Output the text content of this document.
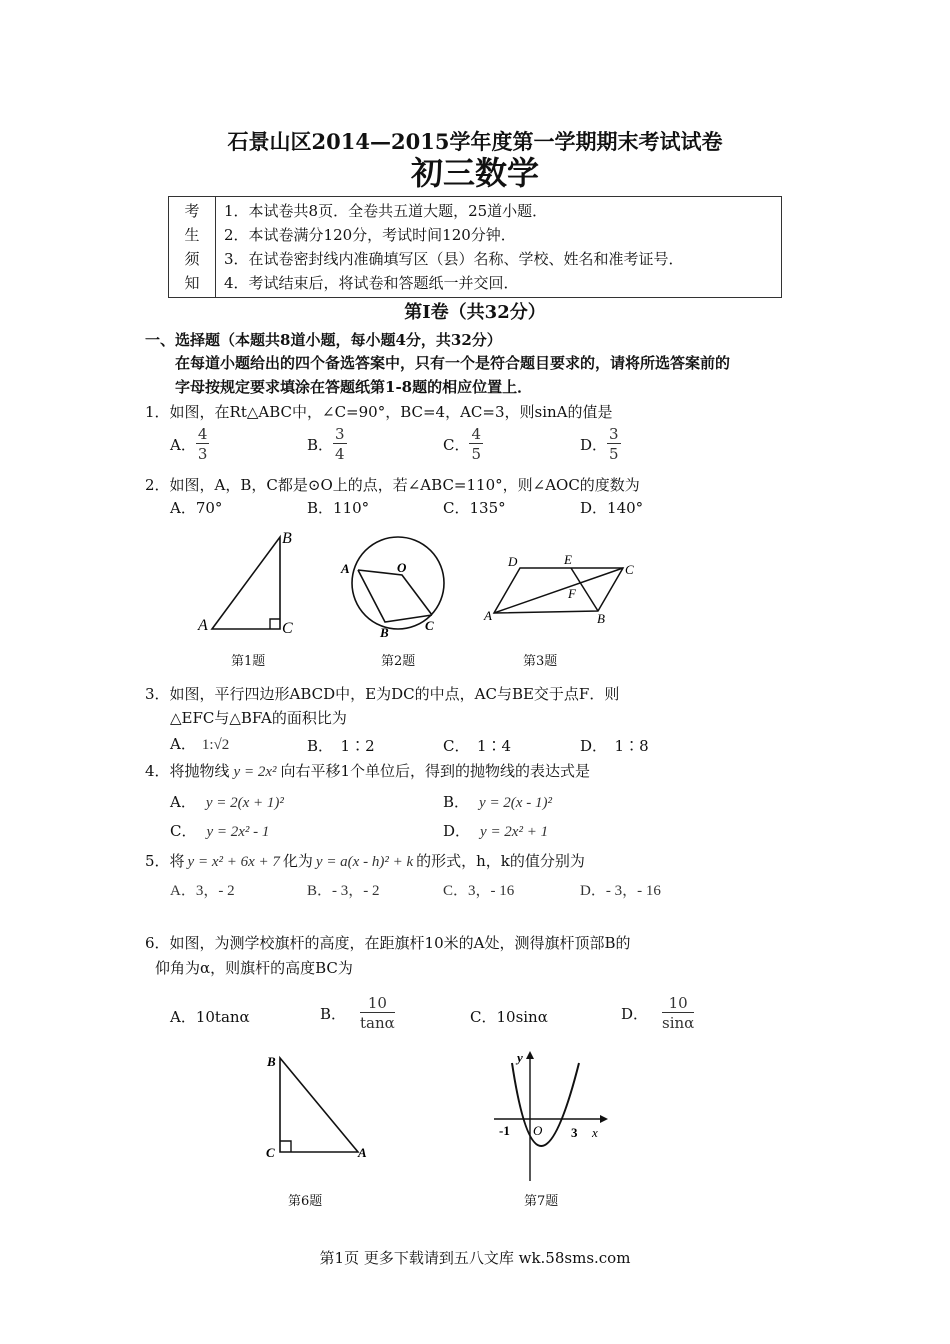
石景山区2014—2015学年度第一学期期末考试试卷
初三数学
考
生
须
知

1．本试卷共8页．全卷共五道大题，25道小题．
2．本试卷满分120分，考试时间120分钟．
3．在试卷密封线内准确填写区（县）名称、学校、姓名和准考证号．
4．考试结束后，将试卷和答题纸一并交回．
第Ⅰ卷（共32分）
一、选择题（本题共8道小题，每小题4分，共32分）
在每道小题给出的四个备选答案中，只有一个是符合题目要求的，请将所选答案前的
字母按规定要求填涂在答题纸第1-8题的相应位置上．
1．如图，在Rt△ABC中，∠C=90°，BC=4，AC=3，则sinA的值是
A． $\frac{4}{3}$	B． $\frac{3}{4}$	C． $\frac{4}{5}$	D． $\frac{3}{5}$
2．如图，A，B，C都是⊙O上的点，若∠ABC=110°，则∠AOC的度数为
A．70°	B．110°	C．135°	D．140°
A
B
C
第1题
A	O
B	C
第2题
D	E
C
F
A	B
第3题
3．如图，平行四边形ABCD中，E为DC的中点，AC与BE交于点F．则
△EFC与△BFA的面积比为
A． 1:√2	B．　1∶2	C．　1∶4	D．　1∶8
4．将抛物线 y = 2x² 向右平移1个单位后，得到的抛物线的表达式是
A． y = 2(x + 1)²	B． y = 2(x - 1)²
C． y = 2x² - 1	D． y = 2x² + 1
5．将 y = x² + 6x + 7 化为 y = a(x - h)² + k 的形式，h，k的值分别为
A．3，- 2	B．- 3，- 2	C．3，- 16	D．- 3，- 16
6．如图，为测学校旗杆的高度，在距旗杆10米的A处，测得旗杆顶部B的
仰角为α，则旗杆的高度BC为
A．10tanα	B． $\frac{10}{\tan\alpha}$	C．10sinα	D． $\frac{10}{\sin\alpha}$
B
C	A
第6题
y
x
O
-1	3
第7题
第1页 更多下载请到五八文库 wk.58sms.com
